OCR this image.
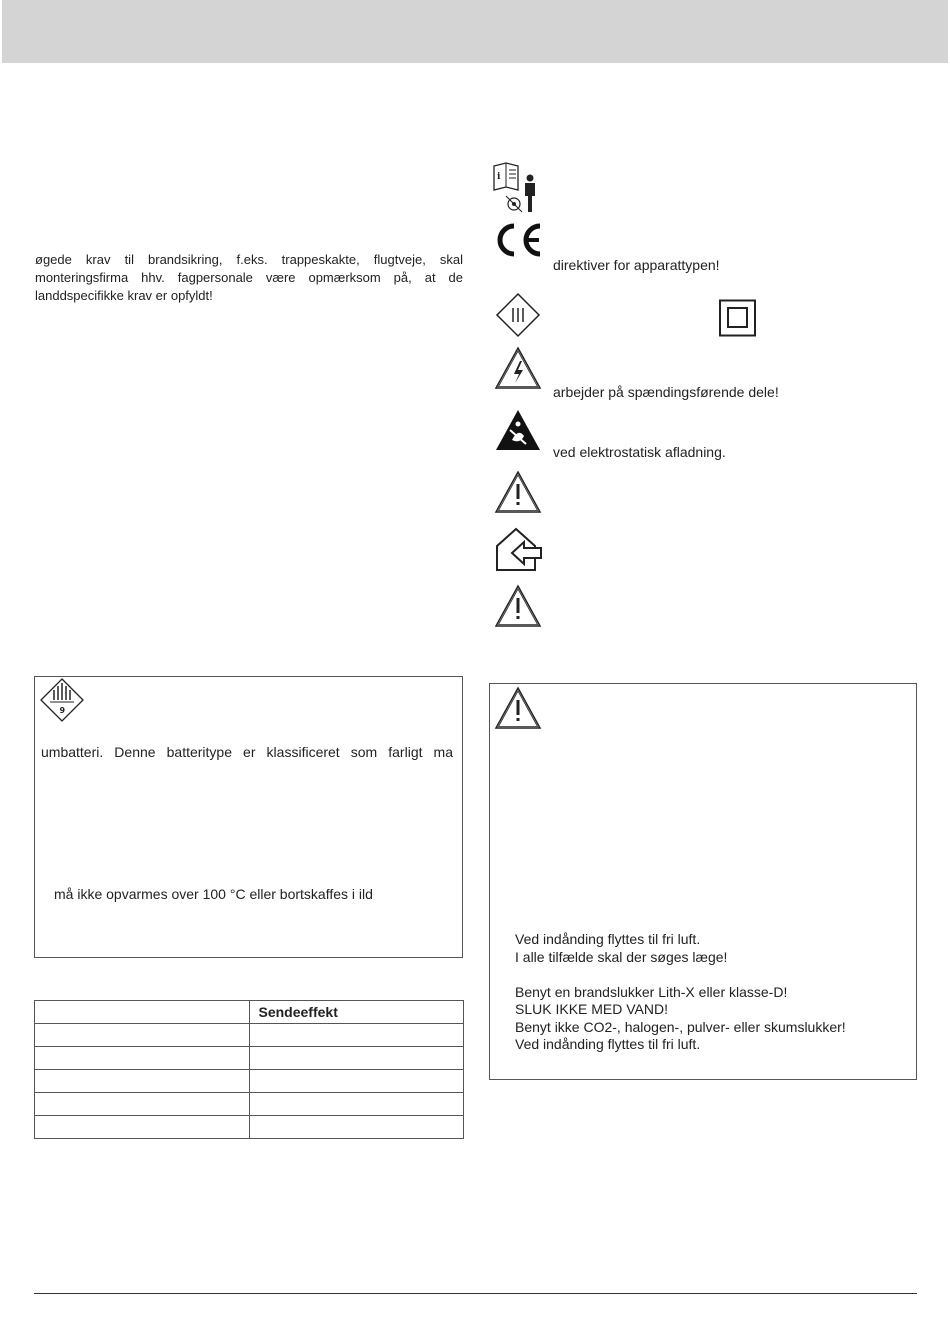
øgede krav til brandsikring, f.eks. trappeskakte, flugtveje, skal
monteringsfirma hhv. fagpersonale være opmærksom på, at de
landdspecifikke krav er opfyldt!
i
direktiver for apparattypen!
arbejder på spændingsførende dele!
ved elektrostatisk afladning.
9
umbatteri. Denne batteritype er klassificeret som farligt ma
må ikke opvarmes over 100 °C eller bortskaffes i ild
	Sendeeffekt

Ved indånding flyttes til fri luft.
I alle tilfælde skal der søges læge!
Benyt en brandslukker Lith-X eller klasse-D!
SLUK IKKE MED VAND!
Benyt ikke CO2-, halogen-, pulver- eller skumslukker!
Ved indånding flyttes til fri luft.
